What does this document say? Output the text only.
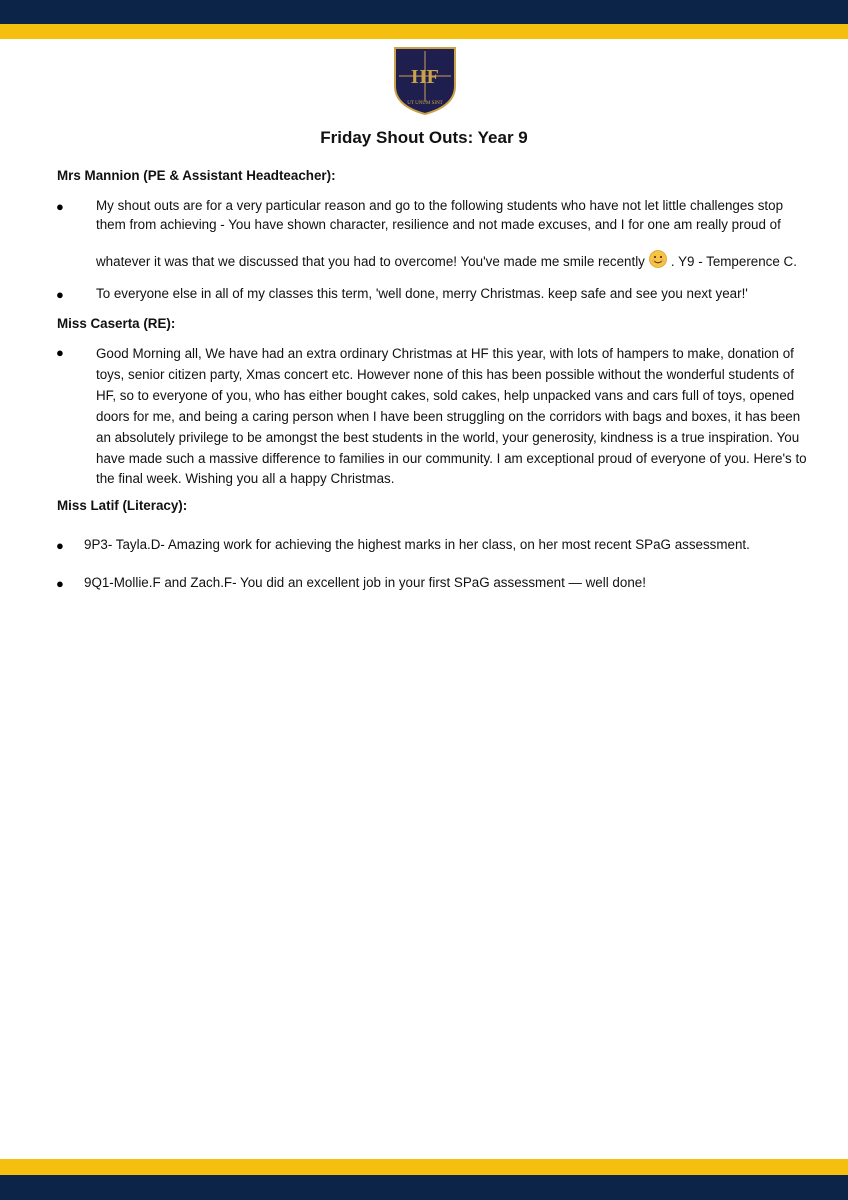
HF
UT UNUM SINT
Friday Shout Outs: Year 9
Mrs Mannion (PE & Assistant Headteacher):
● My shout outs are for a very particular reason and go to the following students who have not let little challenges stop
them from achieving - You have shown character, resilience and not made excuses, and I for one am really proud of
whatever it was that we discussed that you had to overcome! You've made me smile recently . Y9 - Temperence C.
● To everyone else in all of my classes this term, 'well done, merry Christmas. keep safe and see you next year!'
Miss Caserta (RE):
● Good Morning all, We have had an extra ordinary Christmas at HF this year, with lots of hampers to make, donation of
toys, senior citizen party, Xmas concert etc. However none of this has been possible without the wonderful students of
HF, so to everyone of you, who has either bought cakes, sold cakes, help unpacked vans and cars full of toys, opened
doors for me, and being a caring person when I have been struggling on the corridors with bags and boxes, it has been
an absolutely privilege to be amongst the best students in the world, your generosity, kindness is a true inspiration. You
have made such a massive difference to families in our community. I am exceptional proud of everyone of you. Here's to
the final week. Wishing you all a happy Christmas.
Miss Latif (Literacy):
● 9P3- Tayla.D- Amazing work for achieving the highest marks in her class, on her most recent SPaG assessment.
● 9Q1-Mollie.F and Zach.F- You did an excellent job in your first SPaG assessment — well done!
